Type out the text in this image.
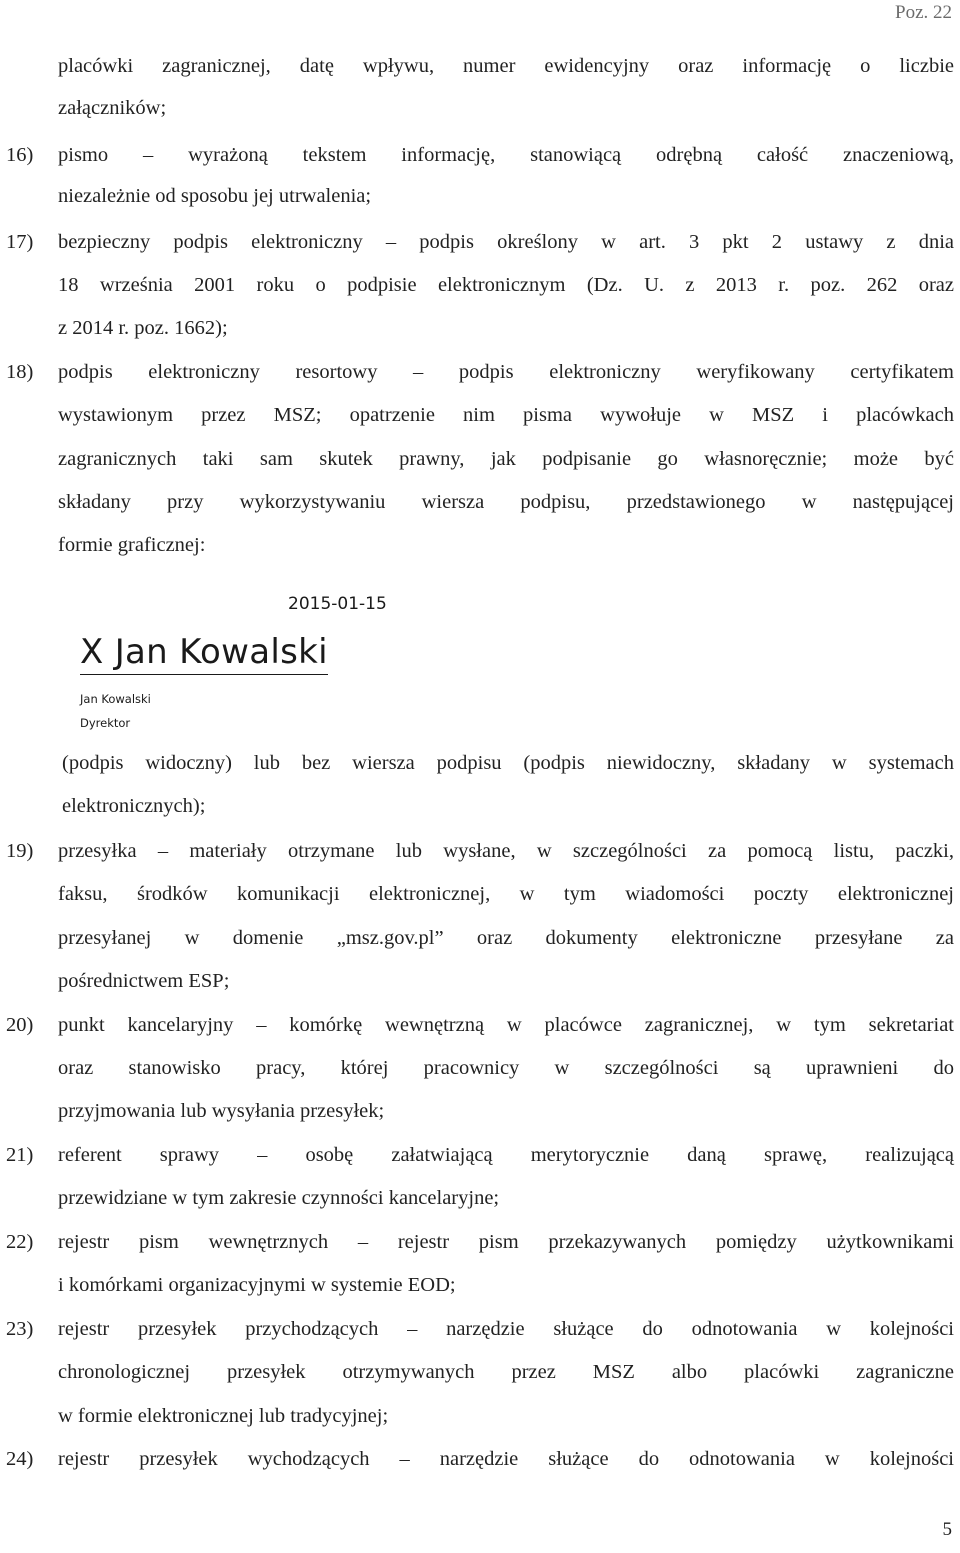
Poz. 22
placówki zagranicznej, datę wpływu, numer ewidencyjny oraz informację o liczbie
załączników;
16) pismo – wyrażoną tekstem informację, stanowiącą odrębną całość znaczeniową,
niezależnie od sposobu jej utrwalenia;
17) bezpieczny podpis elektroniczny – podpis określony w art. 3 pkt 2 ustawy z dnia
18 września 2001 roku o podpisie elektronicznym (Dz. U. z 2013 r. poz. 262 oraz
z 2014 r. poz. 1662);
18) podpis elektroniczny resortowy – podpis elektroniczny weryfikowany certyfikatem
wystawionym przez MSZ; opatrzenie nim pisma wywołuje w MSZ i placówkach
zagranicznych taki sam skutek prawny, jak podpisanie go własnoręcznie; może być
składany przy wykorzystywaniu wiersza podpisu, przedstawionego w następującej
formie graficznej:
2015-01-15
X Jan Kowalski
Jan Kowalski
Dyrektor
(podpis widoczny) lub bez wiersza podpisu (podpis niewidoczny, składany w systemach
elektronicznych);
19) przesyłka – materiały otrzymane lub wysłane, w szczególności za pomocą listu, paczki,
faksu, środków komunikacji elektronicznej, w tym wiadomości poczty elektronicznej
przesyłanej w domenie „msz.gov.pl” oraz dokumenty elektroniczne przesyłane za
pośrednictwem ESP;
20) punkt kancelaryjny – komórkę wewnętrzną w placówce zagranicznej, w tym sekretariat
oraz stanowisko pracy, której pracownicy w szczególności są uprawnieni do
przyjmowania lub wysyłania przesyłek;
21) referent sprawy – osobę załatwiającą merytorycznie daną sprawę, realizującą
przewidziane w tym zakresie czynności kancelaryjne;
22) rejestr pism wewnętrznych – rejestr pism przekazywanych pomiędzy użytkownikami
i komórkami organizacyjnymi w systemie EOD;
23) rejestr przesyłek przychodzących – narzędzie służące do odnotowania w kolejności
chronologicznej przesyłek otrzymywanych przez MSZ albo placówki zagraniczne
w formie elektronicznej lub tradycyjnej;
24) rejestr przesyłek wychodzących – narzędzie służące do odnotowania w kolejności
5
